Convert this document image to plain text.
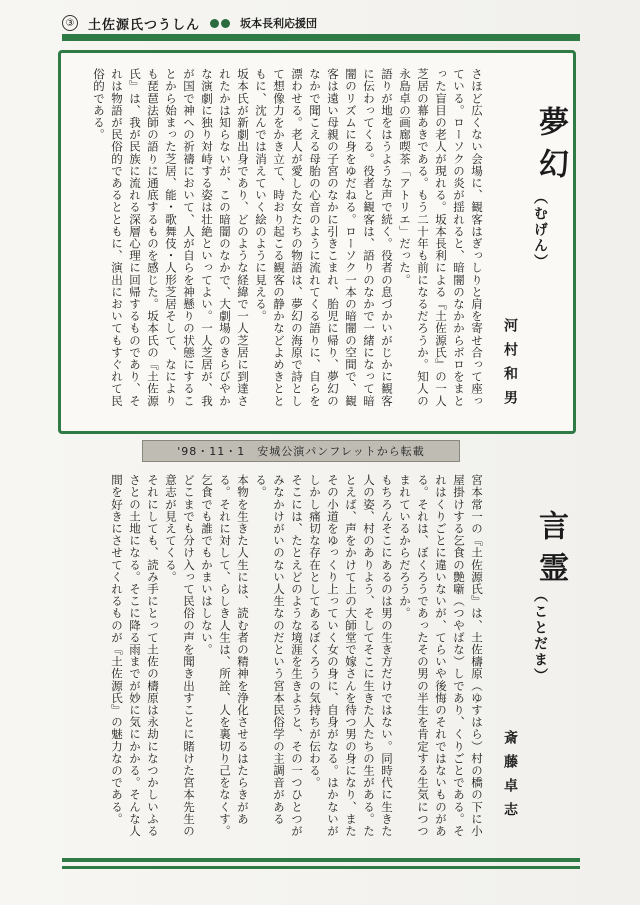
③ 土佐源氏つうしん	坂本長利応援団
夢幻
（むげん）
河村和男
さほど広くない会場に、観客はぎっしりと肩を寄せ合って座っている。ローソクの炎が揺れると、暗闇のなかからボロをまとった盲目の老人が現れる。坂本長利による『土佐源氏』の一人芝居の幕あきである。もう二十年も前になるだろうか。知人の永島卓の画廊喫茶「アトリエ」だった。
語りが地をはうような声で続く。役者の息づかいがじかに観客に伝わってくる。役者と観客は、語りのなかで一緒になって暗闇のリズムに身をゆだねる。ローソク一本の暗闇の空間で、観客は遠い母親の子宮のなかに引きこまれ、胎児に帰り、夢幻のなかで聞こえる母胎の心音のように流れてくる語りに、自らを漂わせる。老人が愛した女たちの物語は、夢幻の海原で詩として想像力をかき立て、時おり起こる観客の静かなどよめきとともに、沈んでは消えていく絵のように見える。
坂本氏が新劇出身であり、どのような経緯で一人芝居に到達されたかは知らないが、この暗闇のなかで、大劇場のきらびやかな演劇に独り対峙する姿は壮絶といってよい。一人芝居が、我が国で神への祈禱において、人が自らを神懸りの状態にすることから始まった芝居、能・歌舞伎・人形芝居そして、なによりも琵琶法師の語りに通底するものを感じた。坂本氏の『土佐源氏』は、我が民族に流れる深層心理に回帰するものであり、それは物語が民俗的であるとともに、演出においてもすぐれて民俗的である。
'98・11・1　安城公演パンフレットから転載
言霊
（ことだま）
斎藤卓志
宮本常一の『土佐源氏』は、土佐檮原（ゆすはら）村の橋の下に小屋掛けする乞食の艶噺（つやばな）しであり、くりごとである。それはくりごとに違いないが、てらいや後悔のそれではないものがある。それは、ぼくろうであったその男の半生を肯定する生気につつまれているからだろうか。
もちろんそこにあるのは男の生き方だけではない。同時代に生きた人の姿、村のありよう、そしてそこに生きた人たちの生がある。たとえば、声をかけて上の大師堂で嫁さんを待つ男の身になり、またその小道をゆっくり上っていく女の身に、自身がなる。はかないがしかし痛切な存在としてあるぼくろうの気持ちが伝わる。
そこには、たとえどのような境涯を生きようと、その一つひとつがみなかけがいのない人生なのだという宮本民俗学の主調音があるる。
本物を生きた人生には、読む者の精神を浄化させるはたらきがある。それに対して、らしき人生は、所詮、人を裏切り己をなくす。乞食でも誰でもかまいはしない。
どこまでも分け入って民俗の声を聞き出すことに賭けた宮本先生の意志が見えてくる。
それにしても、読み手にとって土佐の檮原は永劫になつかしいふるさとの土地になる。そこに降る雨までが妙に気にかかる。そんな人間を好きにさせてくれるものが『土佐源氏』の魅力なのである。
